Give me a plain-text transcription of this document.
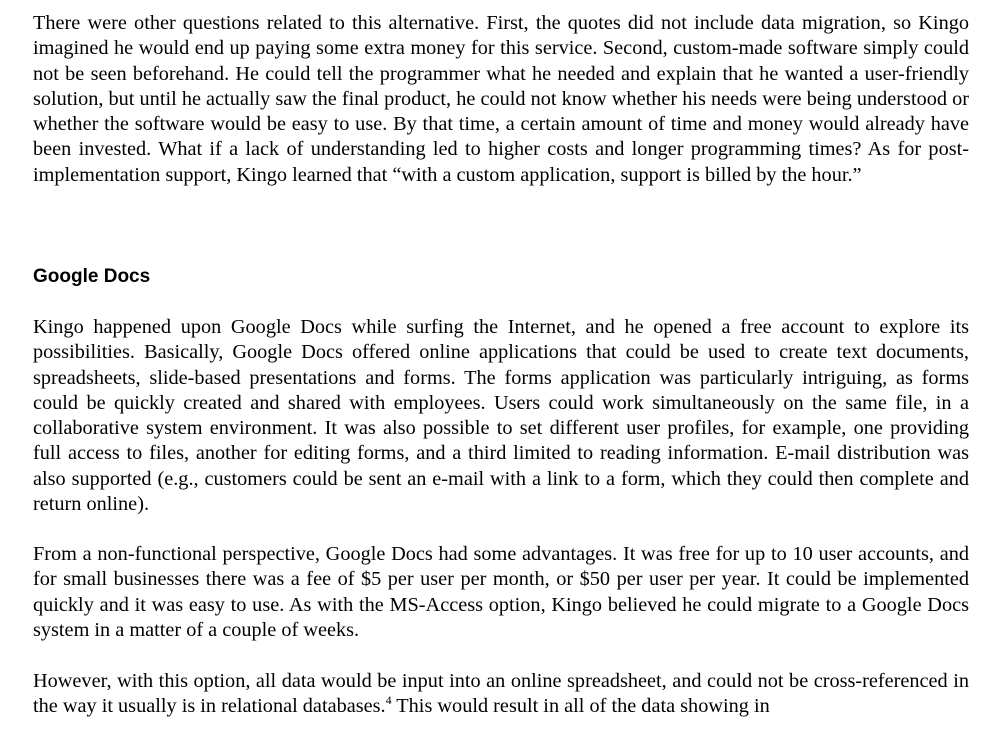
There were other questions related to this alternative. First, the quotes did not include data migration, so Kingo imagined he would end up paying some extra money for this service. Second, custom-made software simply could not be seen beforehand. He could tell the programmer what he needed and explain that he wanted a user-friendly solution, but until he actually saw the final product, he could not know whether his needs were being understood or whether the software would be easy to use. By that time, a certain amount of time and money would already have been invested. What if a lack of understanding led to higher costs and longer programming times? As for post-implementation support, Kingo learned that “with a custom application, support is billed by the hour.”

Google Docs

Kingo happened upon Google Docs while surfing the Internet, and he opened a free account to explore its possibilities. Basically, Google Docs offered online applications that could be used to create text documents, spreadsheets, slide-based presentations and forms. The forms application was particularly intriguing, as forms could be quickly created and shared with employees. Users could work simultaneously on the same file, in a collaborative system environment. It was also possible to set different user profiles, for example, one providing full access to files, another for editing forms, and a third limited to reading information. E-mail distribution was also supported (e.g., customers could be sent an e-mail with a link to a form, which they could then complete and return online).

From a non-functional perspective, Google Docs had some advantages. It was free for up to 10 user accounts, and for small businesses there was a fee of $5 per user per month, or $50 per user per year. It could be implemented quickly and it was easy to use. As with the MS-Access option, Kingo believed he could migrate to a Google Docs system in a matter of a couple of weeks.

However, with this option, all data would be input into an online spreadsheet, and could not be cross-referenced in the way it usually is in relational databases.$^4$ This would result in all of the data showing in
